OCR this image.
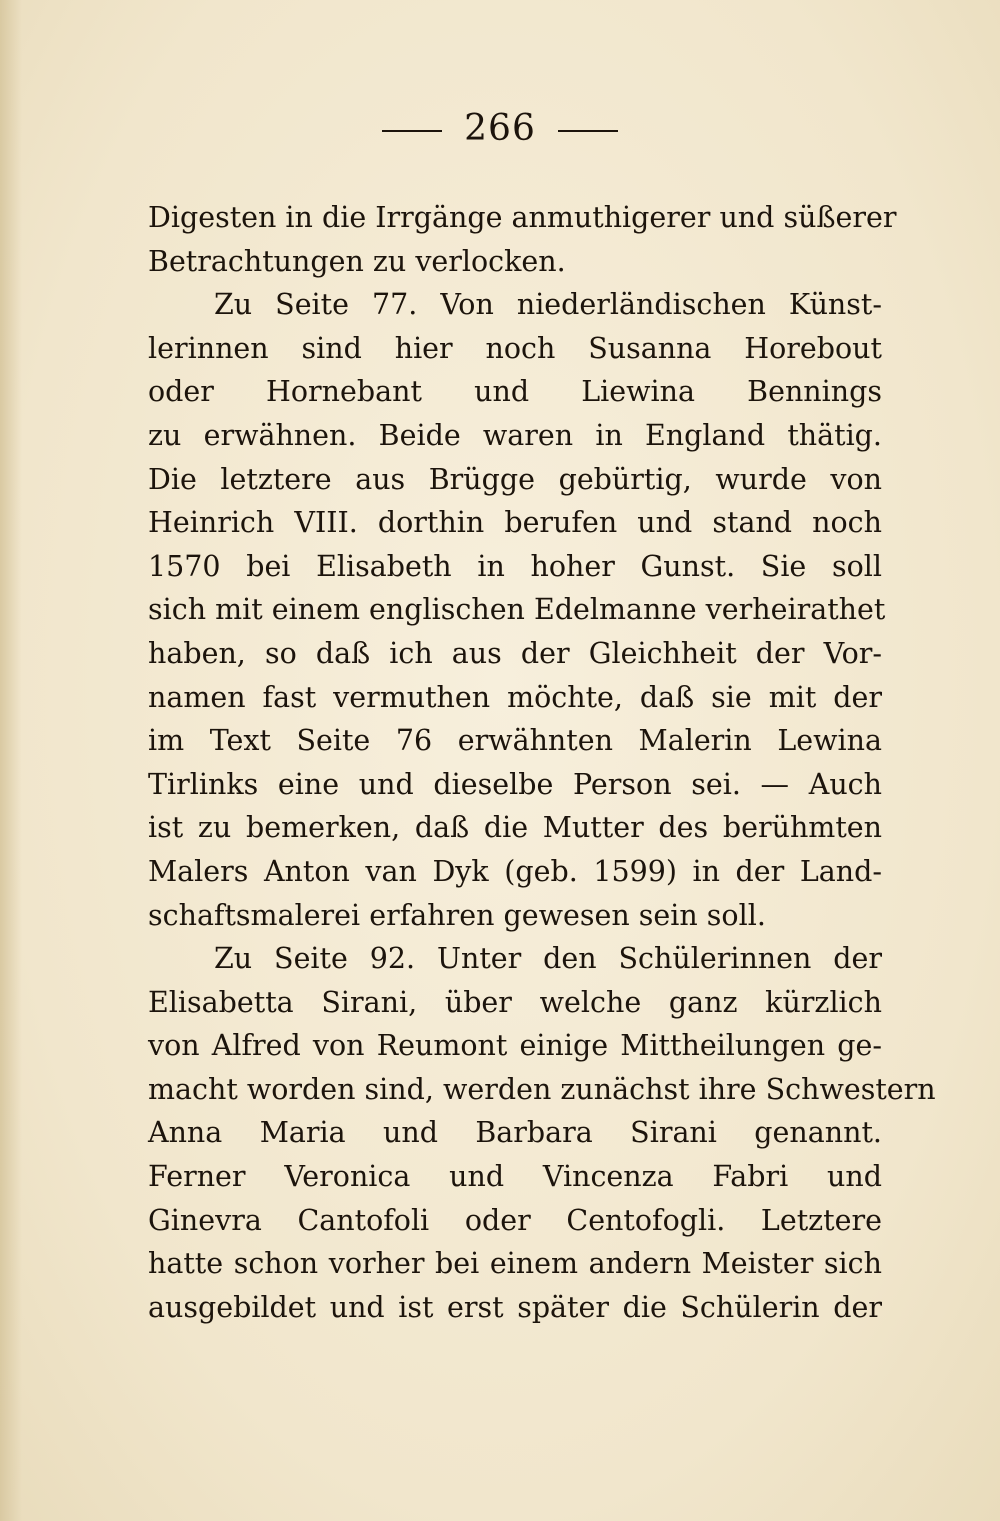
266
Digesten in die Irrgänge anmuthigerer und süßerer
Betrachtungen zu verlocken.
Zu Seite 77. Von niederländischen Künst-
lerinnen sind hier noch Susanna Horebout
oder Hornebant und Liewina Bennings
zu erwähnen. Beide waren in England thätig.
Die letztere aus Brügge gebürtig, wurde von
Heinrich VIII. dorthin berufen und stand noch
1570 bei Elisabeth in hoher Gunst. Sie soll
sich mit einem englischen Edelmanne verheirathet
haben, so daß ich aus der Gleichheit der Vor-
namen fast vermuthen möchte, daß sie mit der
im Text Seite 76 erwähnten Malerin Lewina
Tirlinks eine und dieselbe Person sei. — Auch
ist zu bemerken, daß die Mutter des berühmten
Malers Anton van Dyk (geb. 1599) in der Land-
schaftsmalerei erfahren gewesen sein soll.
Zu Seite 92. Unter den Schülerinnen der
Elisabetta Sirani, über welche ganz kürzlich
von Alfred von Reumont einige Mittheilungen ge-
macht worden sind, werden zunächst ihre Schwestern
Anna Maria und Barbara Sirani genannt.
Ferner Veronica und Vincenza Fabri und
Ginevra Cantofoli oder Centofogli. Letztere
hatte schon vorher bei einem andern Meister sich
ausgebildet und ist erst später die Schülerin der
